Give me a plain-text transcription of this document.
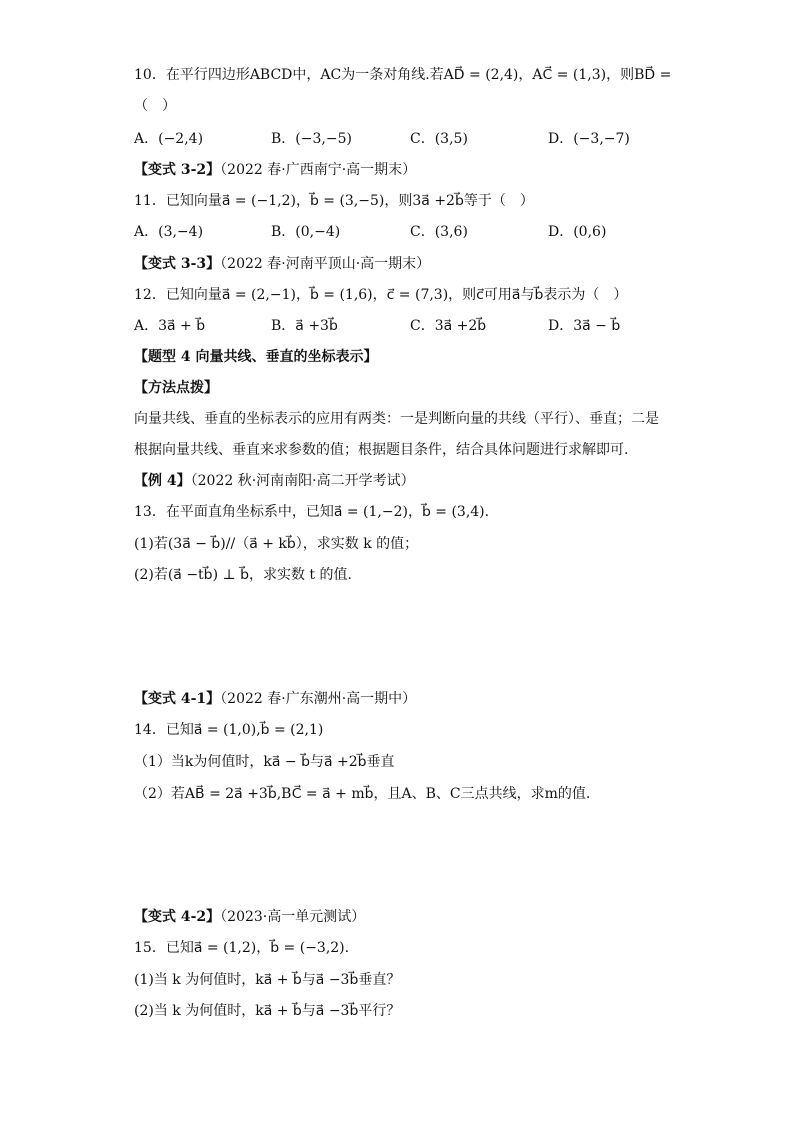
10．在平行四边形ABCD中，AC为一条对角线.若AD⃗ = (2,4)，AC⃗ = (1,3)，则BD⃗ =
（　）
A．(−2,4)	B．(−3,−5)	C．(3,5)	D．(−3,−7)
【变式 3-2】（2022 春·广西南宁·高一期末）
11．已知向量a⃗ = (−1,2)，b⃗ = (3,−5)，则3a⃗ +2b⃗等于（　）
A．(3,−4)	B．(0,−4)	C．(3,6)	D．(0,6)
【变式 3-3】（2022 春·河南平顶山·高一期末）
12．已知向量a⃗ = (2,−1)，b⃗ = (1,6)，c⃗ = (7,3)，则c⃗可用a⃗与b⃗表示为（　）
A．3a⃗ + b⃗	B．a⃗ +3b⃗	C．3a⃗ +2b⃗	D．3a⃗ − b⃗
【题型 4 向量共线、垂直的坐标表示】
【方法点拨】
向量共线、垂直的坐标表示的应用有两类：一是判断向量的共线（平行）、垂直；二是
根据向量共线、垂直来求参数的值；根据题目条件，结合具体问题进行求解即可.
【例 4】（2022 秋·河南南阳·高二开学考试）
13．在平面直角坐标系中，已知a⃗ = (1,−2)，b⃗ = (3,4).
(1)若(3a⃗ − b⃗)//（a⃗ + kb⃗），求实数 k 的值；
(2)若(a⃗ −tb⃗) ⊥ b⃗，求实数 t 的值.
【变式 4-1】（2022 春·广东潮州·高一期中）
14．已知a⃗ = (1,0),b⃗ = (2,1)
（1）当k为何值时，ka⃗ − b⃗与a⃗ +2b⃗垂直
（2）若AB⃗ = 2a⃗ +3b⃗,BC⃗ = a⃗ + mb⃗，且A、B、C三点共线，求m的值.
【变式 4-2】（2023·高一单元测试）
15．已知a⃗ = (1,2)，b⃗ = (−3,2).
(1)当 k 为何值时，ka⃗ + b⃗与a⃗ −3b⃗垂直？
(2)当 k 为何值时，ka⃗ + b⃗与a⃗ −3b⃗平行？
